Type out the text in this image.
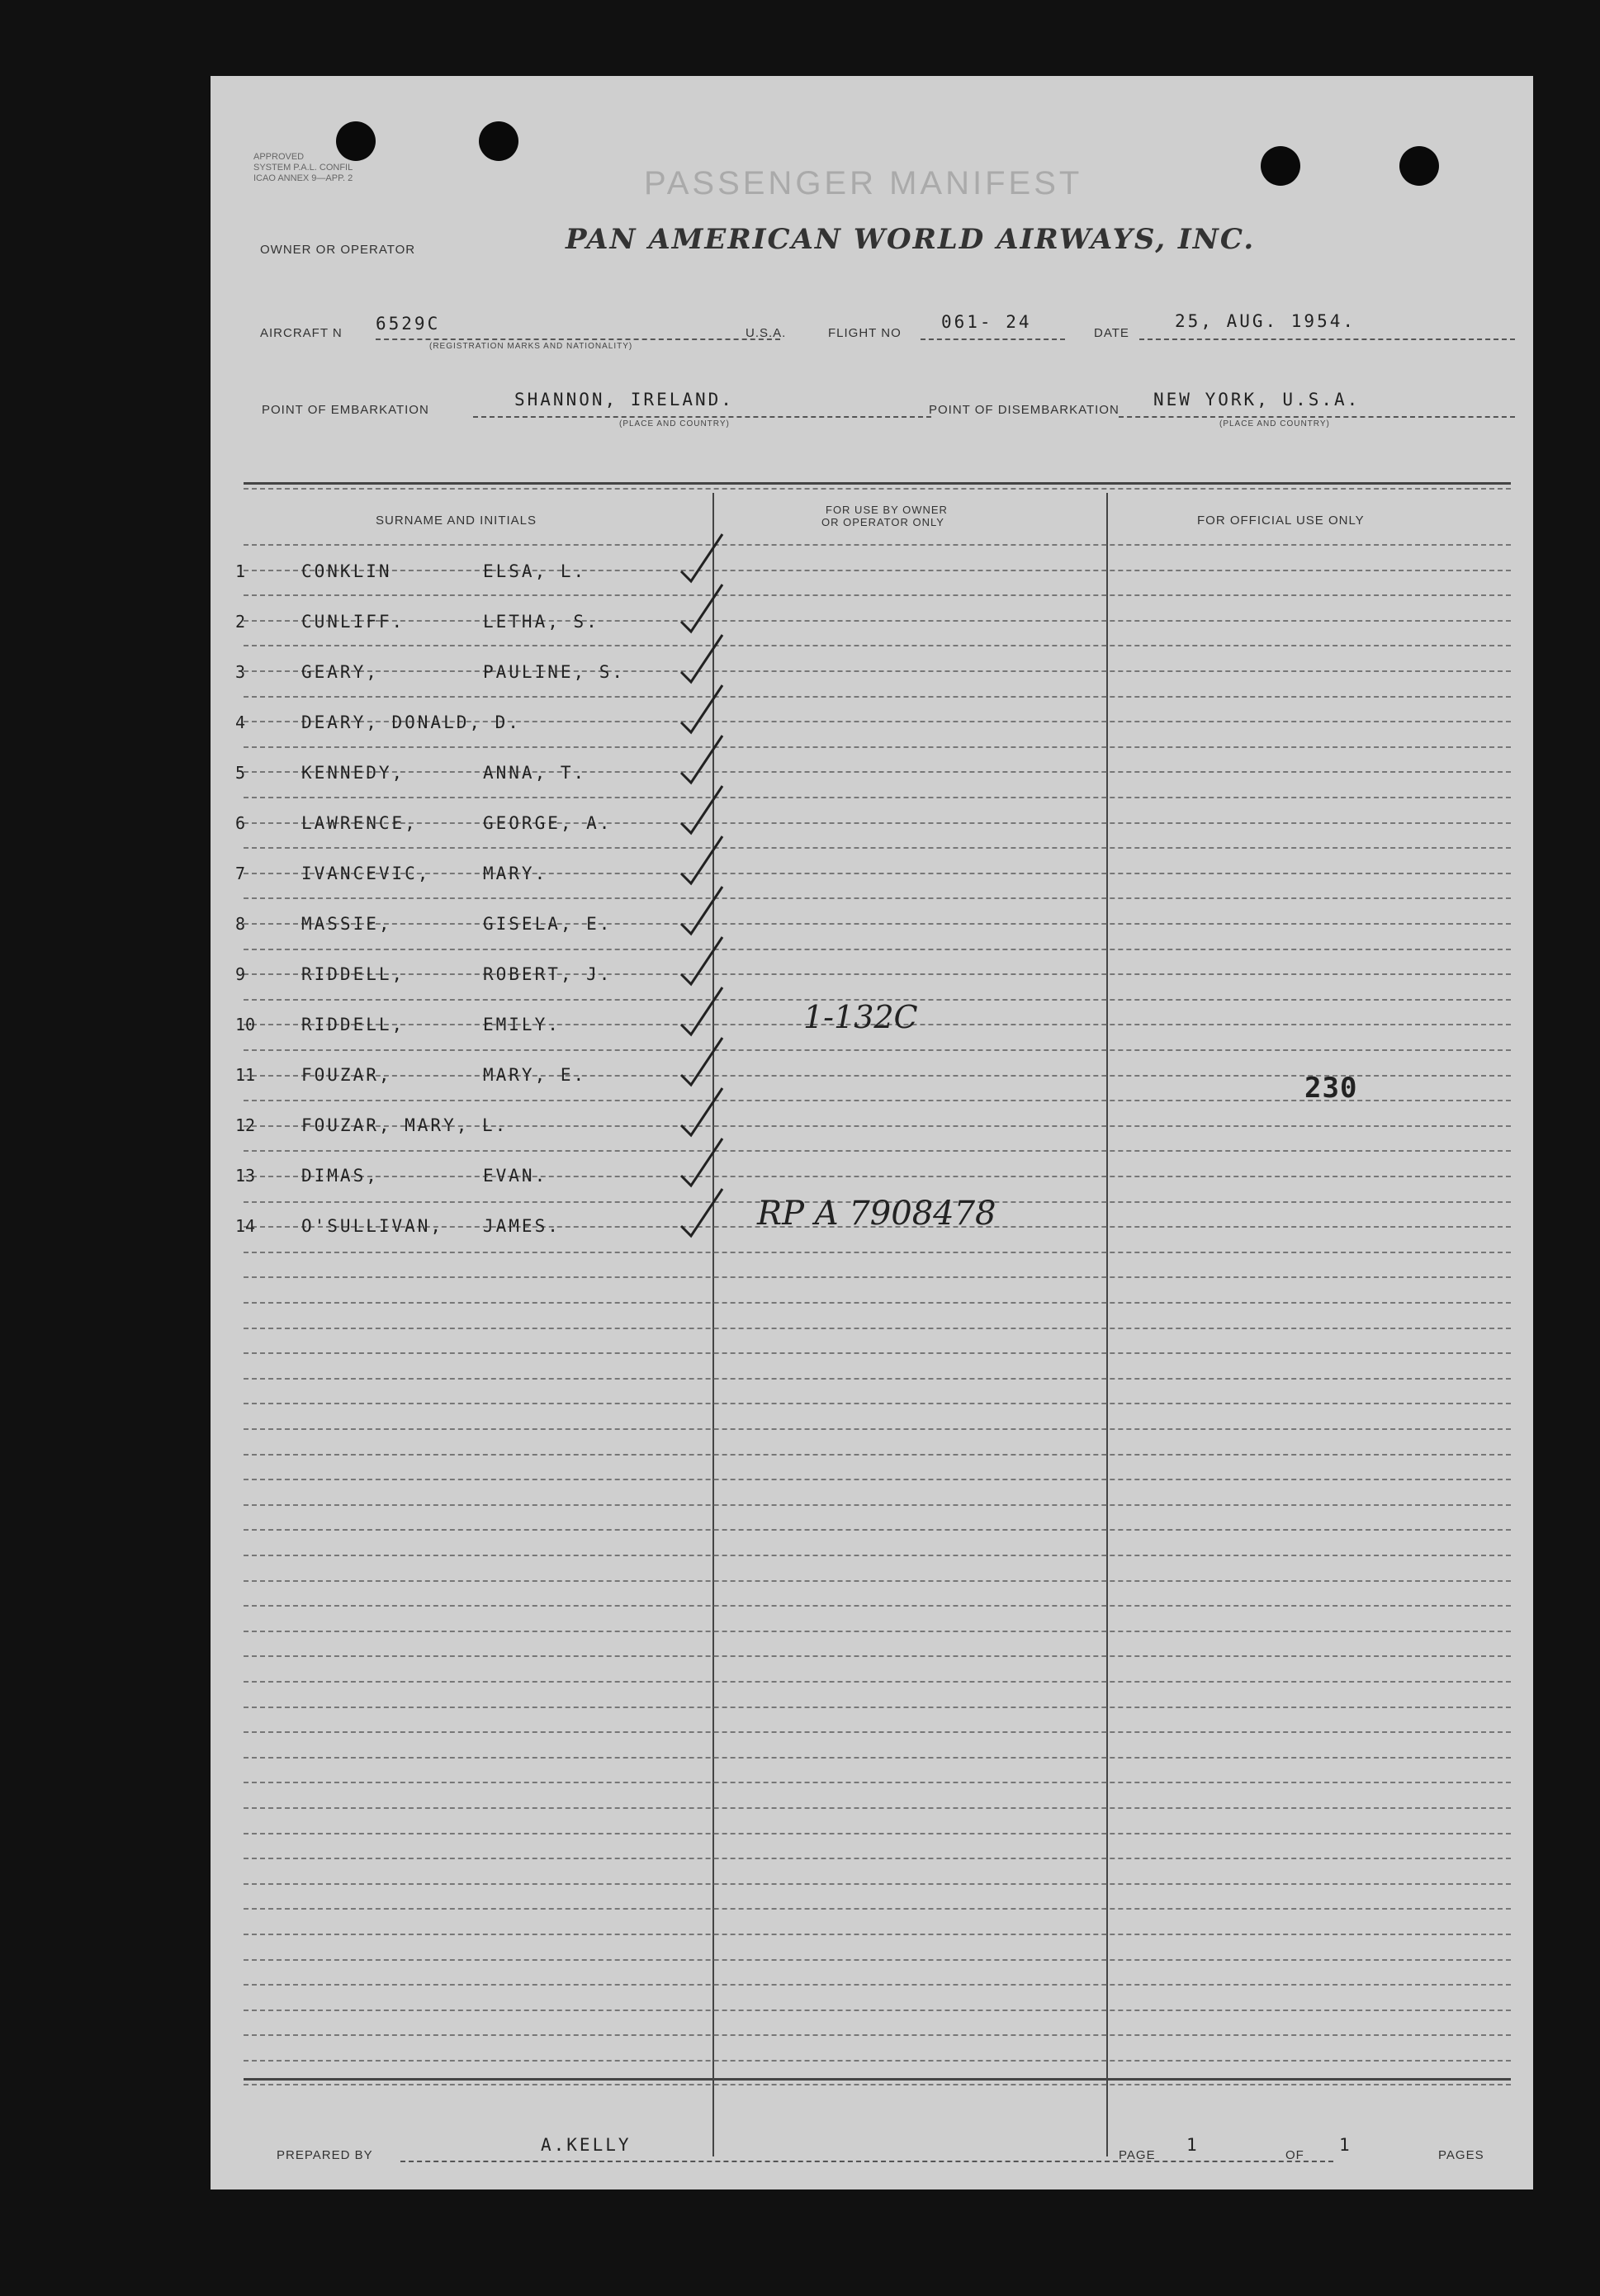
APPROVED
SYSTEM P.A.L. CONFIL
ICAO ANNEX 9—APP. 2	PASSENGER MANIFEST
OWNER OR OPERATOR	PAN AMERICAN WORLD AIRWAYS, INC.
AIRCRAFT N 6529C
(REGISTRATION MARKS AND NATIONALITY)
U.S.A.	FLIGHT NO
061- 24
DATE
25, AUG. 1954.
POINT OF EMBARKATION
SHANNON, IRELAND.
(PLACE AND COUNTRY)
POINT OF DISEMBARKATION
NEW YORK, U.S.A.
(PLACE AND COUNTRY)
SURNAME AND INITIALS
FOR USE BY OWNER
OR OPERATOR ONLY	FOR OFFICIAL USE ONLY
1	CONKLIN	ELSA, L.
2	CUNLIFF.	LETHA, S.
3	GEARY,	PAULINE, S.
4	DEARY, DONALD, D.
5	KENNEDY,	ANNA, T.
6	LAWRENCE,	GEORGE, A.
7	IVANCEVIC,	MARY.
8	MASSIE,	GISELA, E.
9	RIDDELL,	ROBERT, J.
10	RIDDELL,	EMILY.
11	FOUZAR,	MARY, E.
12	FOUZAR, MARY, L.
13	DIMAS,	EVAN.
14	O'SULLIVAN, JAMES.
1-132C
RP A 7908478
230
PREPARED BY
A.KELLY
PAGE
1
OF
1
PAGES
